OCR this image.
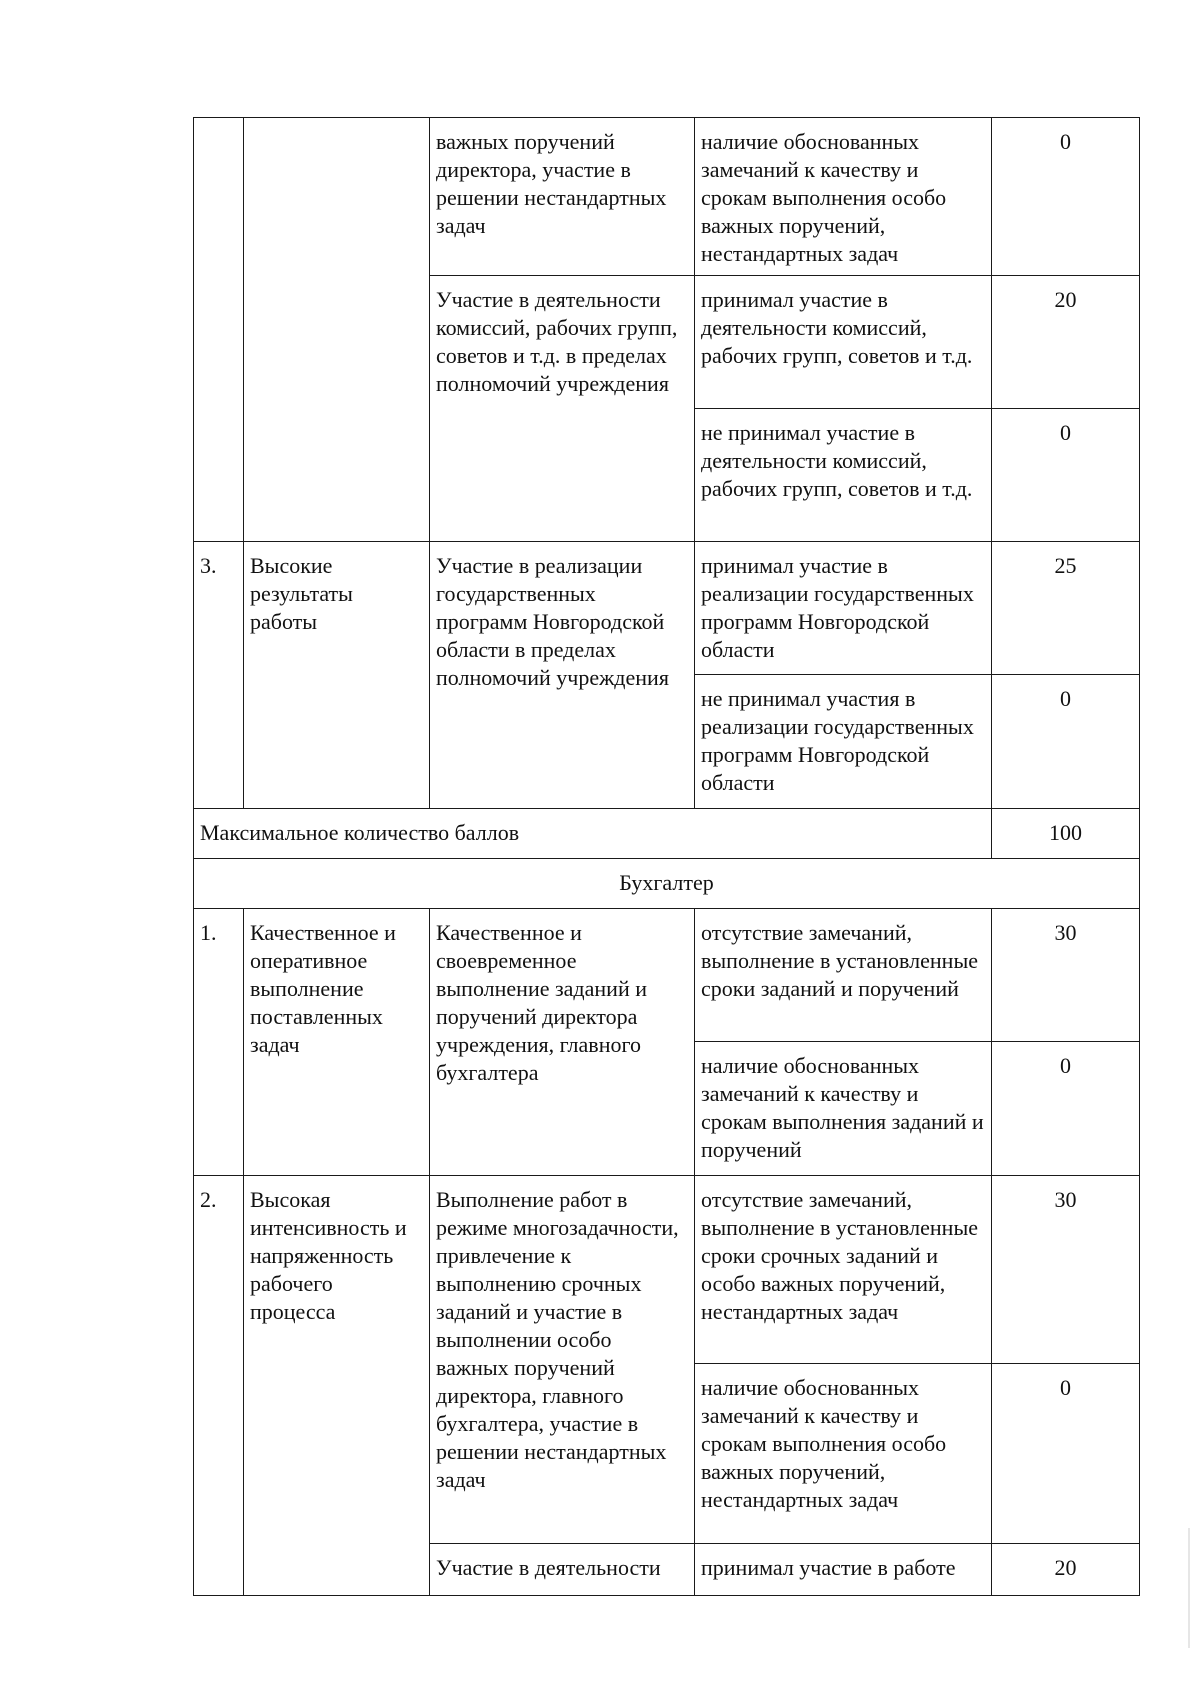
		важных поручений директора, участие в решении нестандартных задач	наличие обоснованных замечаний к качеству и срокам выполнения особо важных поручений, нестандартных задач	0
		Участие в деятельности комиссий, рабочих групп, советов и т.д. в пределах полномочий учреждения	принимал участие в деятельности комиссий, рабочих групп, советов и т.д.	20
			не принимал участие в деятельности комиссий, рабочих групп, советов и т.д.	0
3.	Высокие результаты работы	Участие в реализации государственных программ Новгородской области в пределах полномочий учреждения	принимал участие в реализации государственных программ Новгородской области	25
			не принимал участия в реализации государственных программ Новгородской области	0
Максимальное количество баллов				100
Бухгалтер				
1.	Качественное и оперативное выполнение поставленных задач	Качественное и своевременное выполнение заданий и поручений директора учреждения, главного бухгалтера	отсутствие замечаний, выполнение в установленные сроки заданий и поручений	30
			наличие обоснованных замечаний к качеству и срокам выполнения заданий и поручений	0
2.	Высокая интенсивность и напряженность рабочего процесса	Выполнение работ в режиме многозадачности, привлечение к выполнению срочных заданий и участие в выполнении особо важных поручений директора, главного бухгалтера, участие в решении нестандартных задач	отсутствие замечаний, выполнение в установленные сроки срочных заданий и особо важных поручений, нестандартных задач	30
			наличие обоснованных замечаний к качеству и срокам выполнения особо важных поручений, нестандартных задач	0
		Участие в деятельности	принимал участие в работе	20
